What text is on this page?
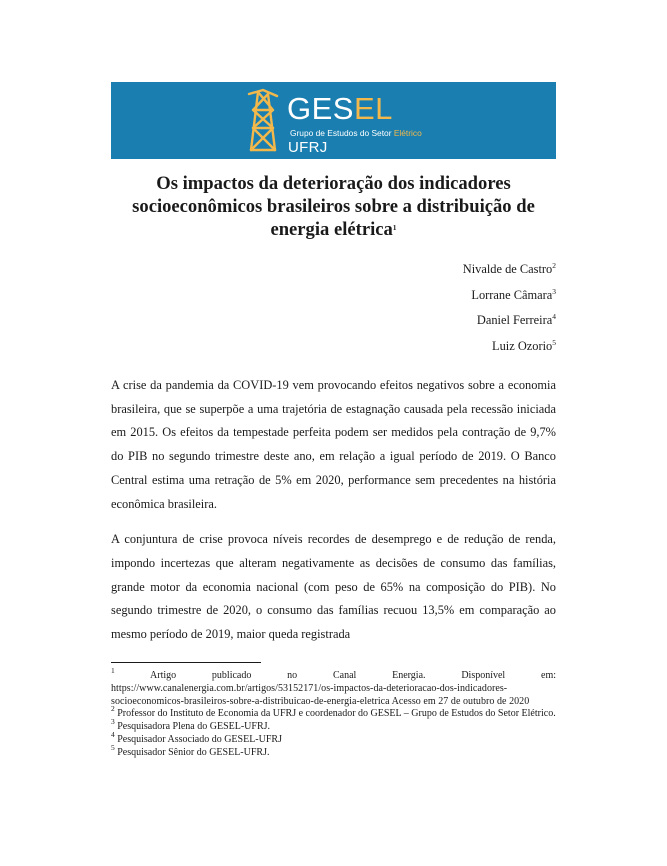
GESEL
Grupo de Estudos do Setor Elétrico
UFRJ
Os impactos da deterioração dos indicadores socioeconômicos brasileiros sobre a distribuição de energia elétrica$^1$
Nivalde de Castro$^2$
Lorrane Câmara$^3$
Daniel Ferreira$^4$
Luiz Ozorio$^5$

A crise da pandemia da COVID-19 vem provocando efeitos negativos sobre a economia brasileira, que se superpõe a uma trajetória de estagnação causada pela recessão iniciada em 2015. Os efeitos da tempestade perfeita podem ser medidos pela contração de 9,7% do PIB no segundo trimestre deste ano, em relação a igual período de 2019. O Banco Central estima uma retração de 5% em 2020, performance sem precedentes na história econômica brasileira.

A conjuntura de crise provoca níveis recordes de desemprego e de redução de renda, impondo incertezas que alteram negativamente as decisões de consumo das famílias, grande motor da economia nacional (com peso de 65% na composição do PIB). No segundo trimestre de 2020, o consumo das famílias recuou 13,5% em comparação ao mesmo período de 2019, maior queda registrada

$^1$	Artigo publicado no Canal Energia. Disponível em:
https://www.canalenergia.com.br/artigos/53152171/os-impactos-da-deterioracao-dos-indicadores-socioeconomicos-brasileiros-sobre-a-distribuicao-de-energia-eletrica Acesso em 27 de outubro de 2020
$^2$ Professor do Instituto de Economia da UFRJ e coordenador do GESEL – Grupo de Estudos do Setor Elétrico.
$^3$ Pesquisadora Plena do GESEL-UFRJ.
$^4$ Pesquisador Associado do GESEL-UFRJ
$^5$ Pesquisador Sênior do GESEL-UFRJ.
